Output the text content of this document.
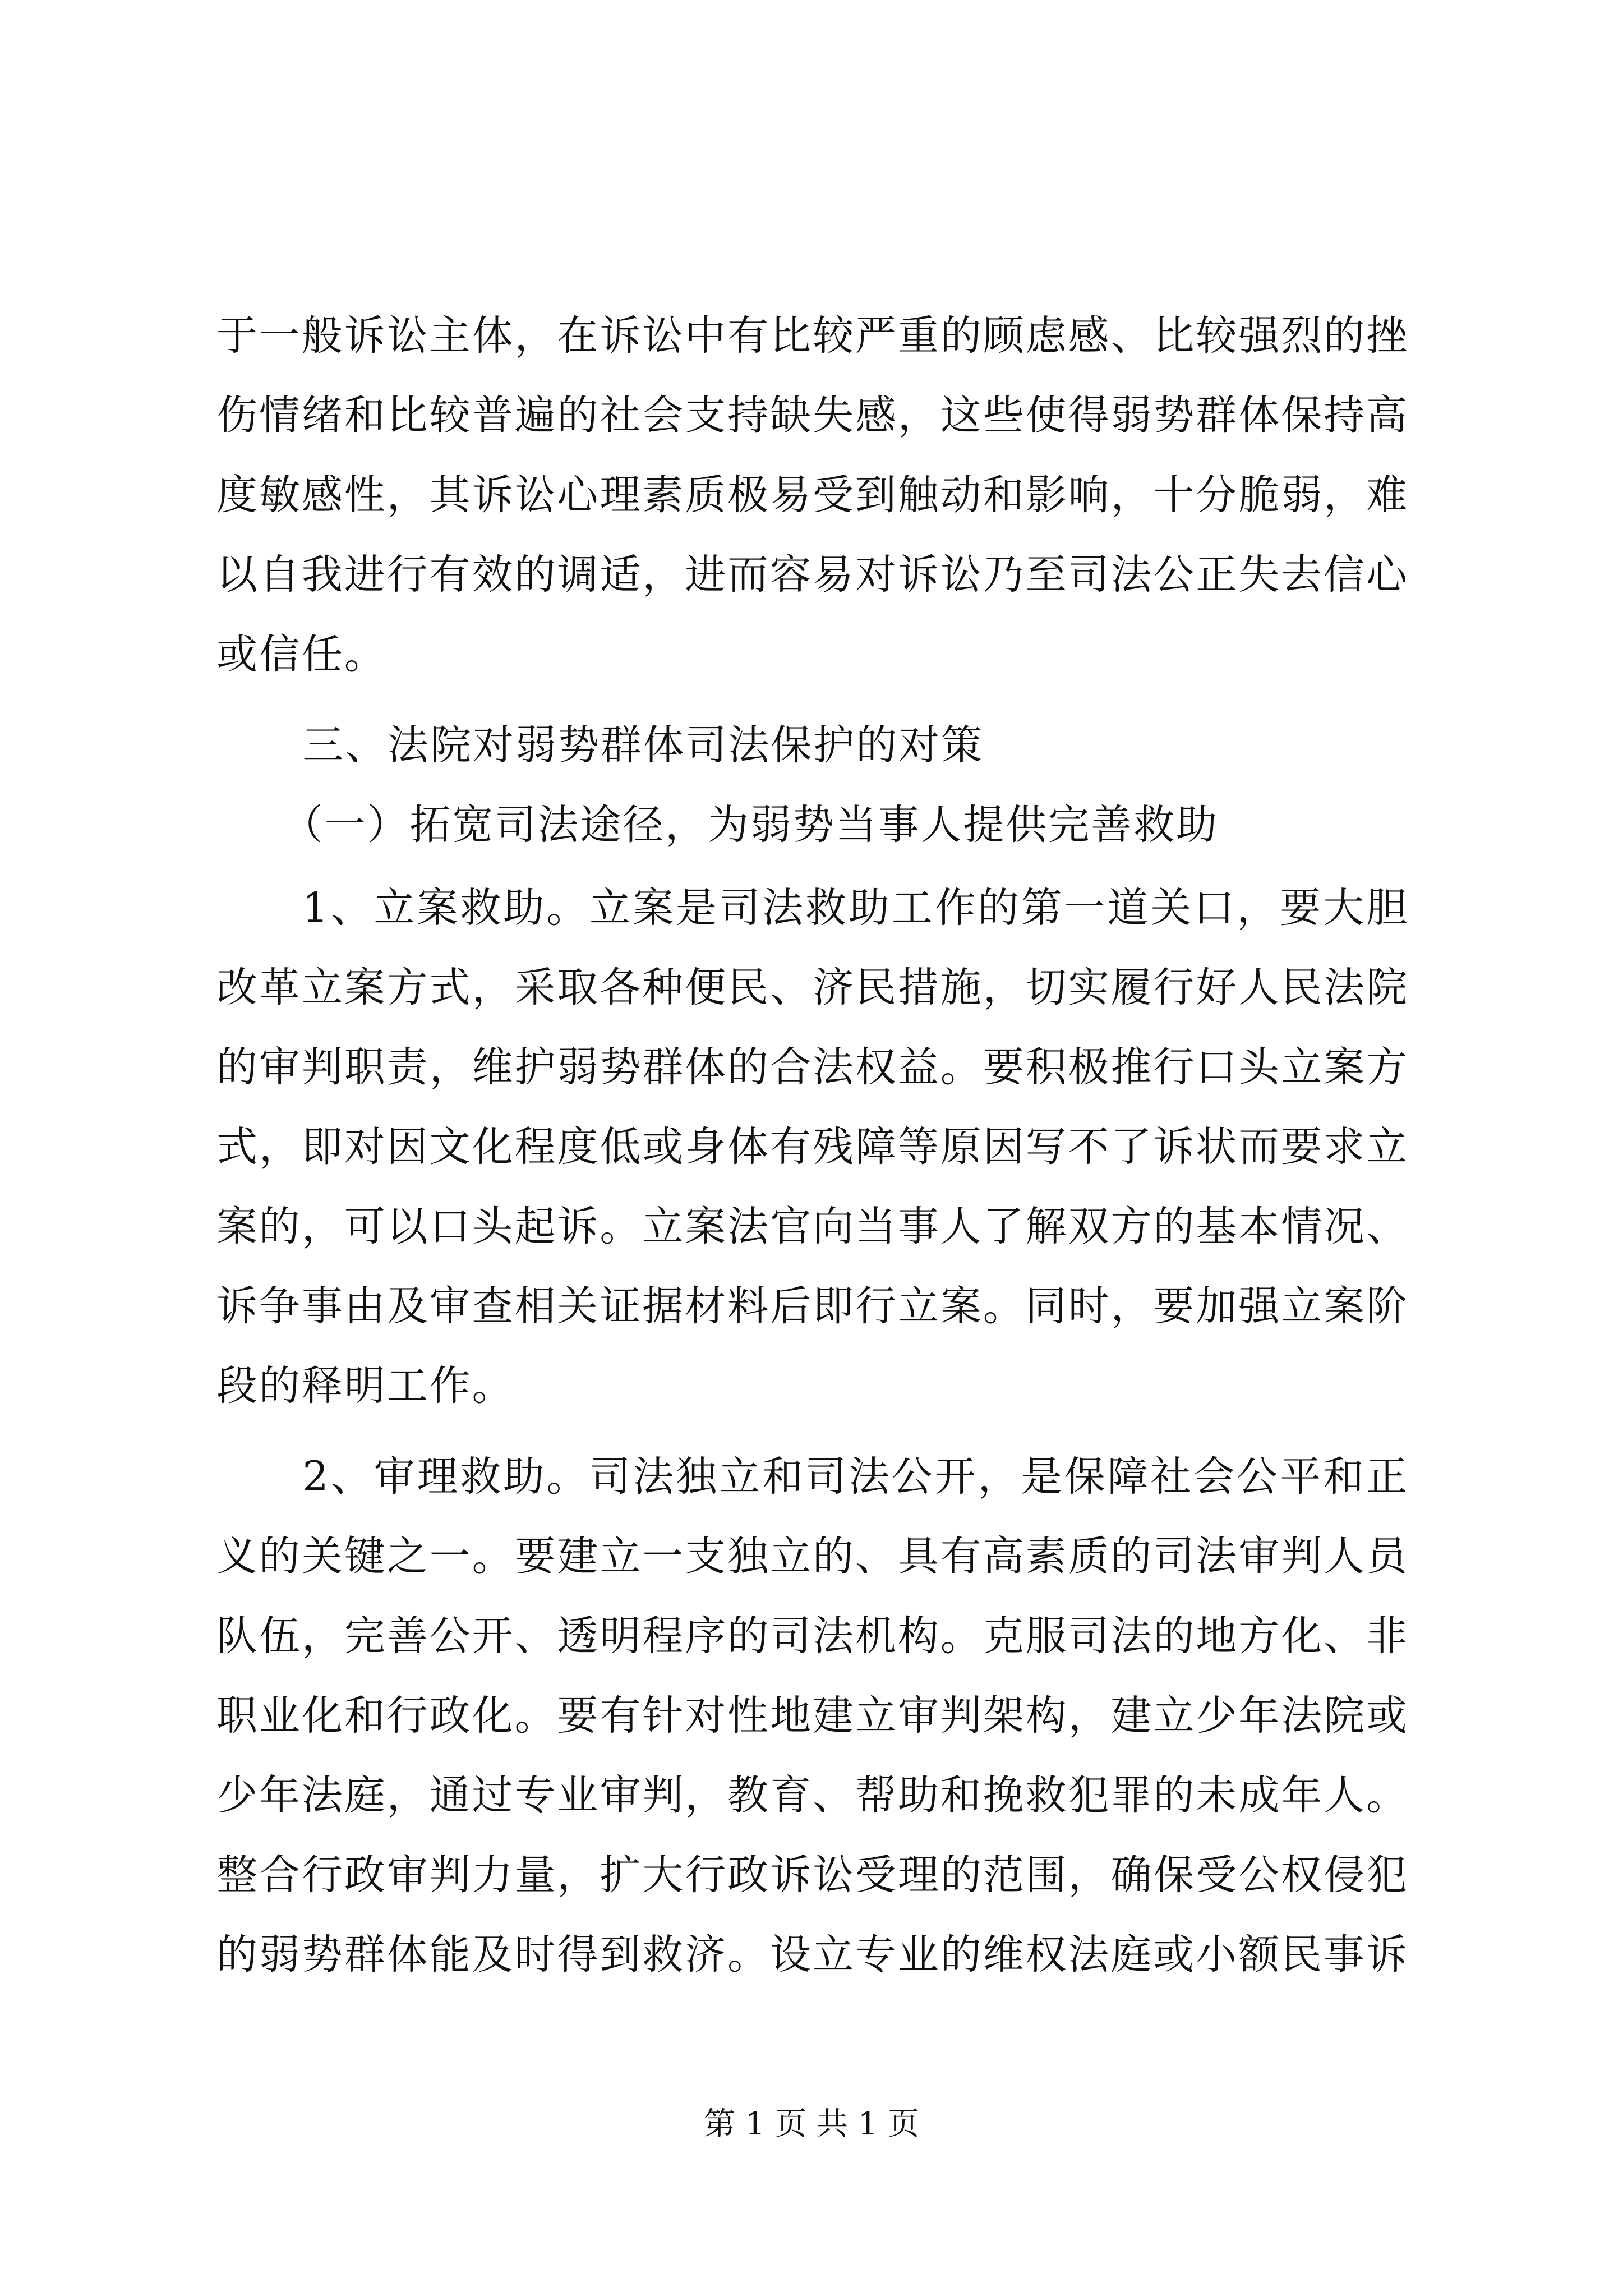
于一般诉讼主体，在诉讼中有比较严重的顾虑感、比较强烈的挫伤情绪和比较普遍的社会支持缺失感，这些使得弱势群体保持高度敏感性，其诉讼心理素质极易受到触动和影响，十分脆弱，难以自我进行有效的调适，进而容易对诉讼乃至司法公正失去信心或信任。

三、法院对弱势群体司法保护的对策

（一）拓宽司法途径，为弱势当事人提供完善救助

1、立案救助。立案是司法救助工作的第一道关口，要大胆改革立案方式，采取各种便民、济民措施，切实履行好人民法院的审判职责，维护弱势群体的合法权益。要积极推行口头立案方式，即对因文化程度低或身体有残障等原因写不了诉状而要求立案的，可以口头起诉。立案法官向当事人了解双方的基本情况、诉争事由及审查相关证据材料后即行立案。同时，要加强立案阶段的释明工作。

2、审理救助。司法独立和司法公开，是保障社会公平和正义的关键之一。要建立一支独立的、具有高素质的司法审判人员队伍，完善公开、透明程序的司法机构。克服司法的地方化、非职业化和行政化。要有针对性地建立审判架构，建立少年法院或少年法庭，通过专业审判，教育、帮助和挽救犯罪的未成年人。整合行政审判力量，扩大行政诉讼受理的范围，确保受公权侵犯的弱势群体能及时得到救济。设立专业的维权法庭或小额民事诉

第 1 页 共 1 页
